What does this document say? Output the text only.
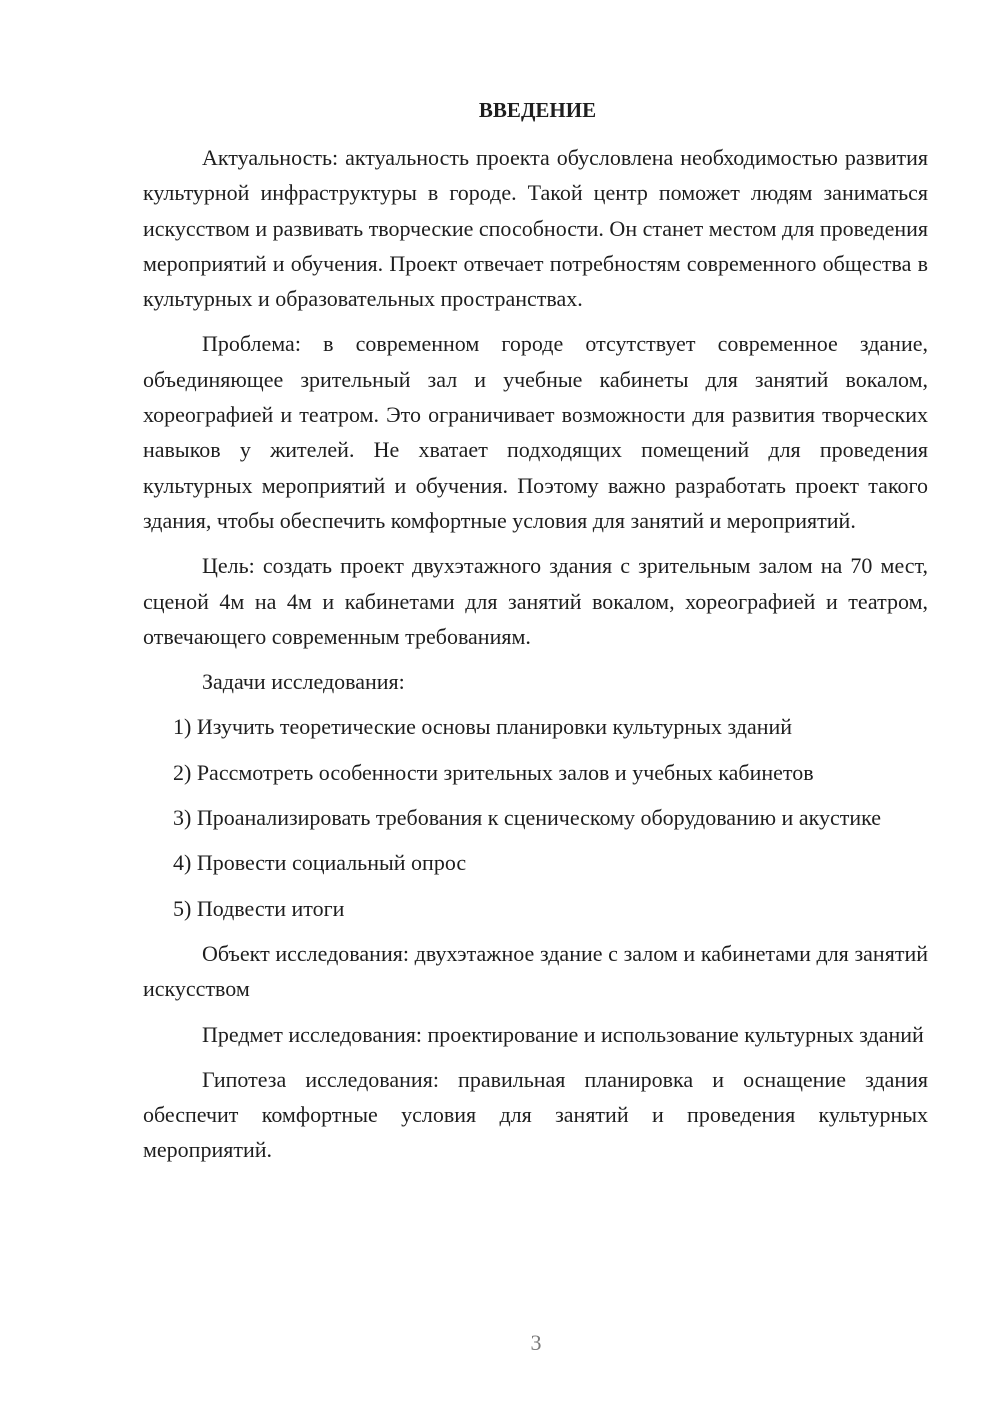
ВВЕДЕНИЕ

Актуальность: актуальность проекта обусловлена необходимостью развития культурной инфраструктуры в городе. Такой центр поможет людям заниматься искусством и развивать творческие способности. Он станет местом для проведения мероприятий и обучения. Проект отвечает потребностям современного общества в культурных и образовательных пространствах.

Проблема: в современном городе отсутствует современное здание, объединяющее зрительный зал и учебные кабинеты для занятий вокалом, хореографией и театром. Это ограничивает возможности для развития творческих навыков у жителей. Не хватает подходящих помещений для проведения культурных мероприятий и обучения. Поэтому важно разработать проект такого здания, чтобы обеспечить комфортные условия для занятий и мероприятий.

Цель: создать проект двухэтажного здания с зрительным залом на 70 мест, сценой 4м на 4м и кабинетами для занятий вокалом, хореографией и театром, отвечающего современным требованиям.

Задачи исследования:

1) Изучить теоретические основы планировки культурных зданий

2) Рассмотреть особенности зрительных залов и учебных кабинетов

3) Проанализировать требования к сценическому оборудованию и акустике

4) Провести социальный опрос

5) Подвести итоги

Объект исследования: двухэтажное здание с залом и кабинетами для занятий искусством

Предмет исследования: проектирование и использование культурных зданий

Гипотеза исследования: правильная планировка и оснащение здания обеспечит комфортные условия для занятий и проведения культурных мероприятий.

3
